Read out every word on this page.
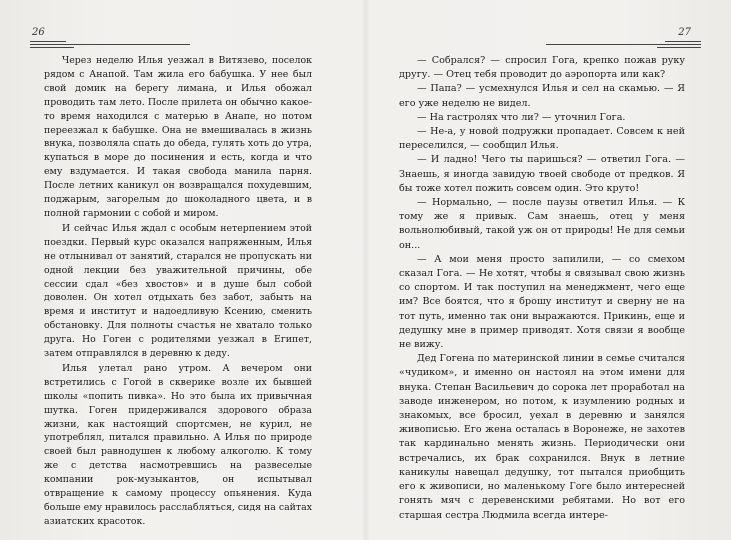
26

Через неделю Илья уезжал в Витязево, поселок рядом с Анапой. Там жила его бабушка. У нее был свой домик на берегу лимана, и Илья обожал проводить там лето. После прилета он обычно какое-то время находился с матерью в Анапе, но потом переезжал к бабушке. Она не вмешивалась в жизнь внука, позволяла спать до обеда, гулять хоть до утра, купаться в море до посинения и есть, когда и что ему вздумается. И такая свобода манила парня. После летних каникул он возвращался похудевшим, поджарым, загорелым до шоколадного цвета, и в полной гармонии с собой и миром.

И сейчас Илья ждал с особым нетерпением этой поездки. Первый курс оказался напряженным, Илья не отлынивал от занятий, старался не пропускать ни одной лекции без уважительной причины, обе сессии сдал «без хвостов» и в душе был собой доволен. Он хотел отдыхать без забот, забыть на время и институт и надоедливую Ксению, сменить обстановку. Для полноты счастья не хватало только друга. Но Гоген с родителями уезжал в Египет, затем отправлялся в деревню к деду.

Илья улетал рано утром. А вечером они встретились с Гогой в скверике возле их бывшей школы «попить пивка». Но это была их привычная шутка. Гоген придерживался здорового образа жизни, как настоящий спортсмен, не курил, не употреблял, питался правильно. А Илья по природе своей был равнодушен к любому алкоголю. К тому же с детства насмотревшись на развеселые компании рок-музыкантов, он испытывал отвращение к самому процессу опьянения. Куда больше ему нравилось расслабляться, сидя на сайтах азиатских красоток.

27

— Собрался? — спросил Гога, крепко пожав руку другу. — Отец тебя проводит до аэропорта или как?

— Папа? — усмехнулся Илья и сел на скамью. — Я его уже неделю не видел.

— На гастролях что ли? — уточнил Гога.

— Не-а, у новой подружки пропадает. Совсем к ней переселился, — сообщил Илья.

— И ладно! Чего ты паришься? — ответил Гога. — Знаешь, я иногда завидую твоей свободе от предков. Я бы тоже хотел пожить совсем один. Это круто!

— Нормально, — после паузы ответил Илья. — К тому же я привык. Сам знаешь, отец у меня вольнолюбивый, такой уж он от природы! Не для семьи он...

— А мои меня просто запилили, — со смехом сказал Гога. — Не хотят, чтобы я связывал свою жизнь со спортом. И так поступил на менеджмент, чего еще им? Все боятся, что я брошу институт и сверну не на тот путь, именно так они выражаются. Прикинь, еще и дедушку мне в пример приводят. Хотя связи я вообще не вижу.

Дед Гогена по материнской линии в семье считался «чудиком», и именно он настоял на этом имени для внука. Степан Васильевич до сорока лет проработал на заводе инженером, но потом, к изумлению родных и знакомых, все бросил, уехал в деревню и занялся живописью. Его жена осталась в Воронеже, не захотев так кардинально менять жизнь. Периодически они встречались, их брак сохранился. Внук в летние каникулы навещал дедушку, тот пытался приобщить его к живописи, но маленькому Гоге было интересней гонять мяч с деревенскими ребятами. Но вот его старшая сестра Людмила всегда интере-
